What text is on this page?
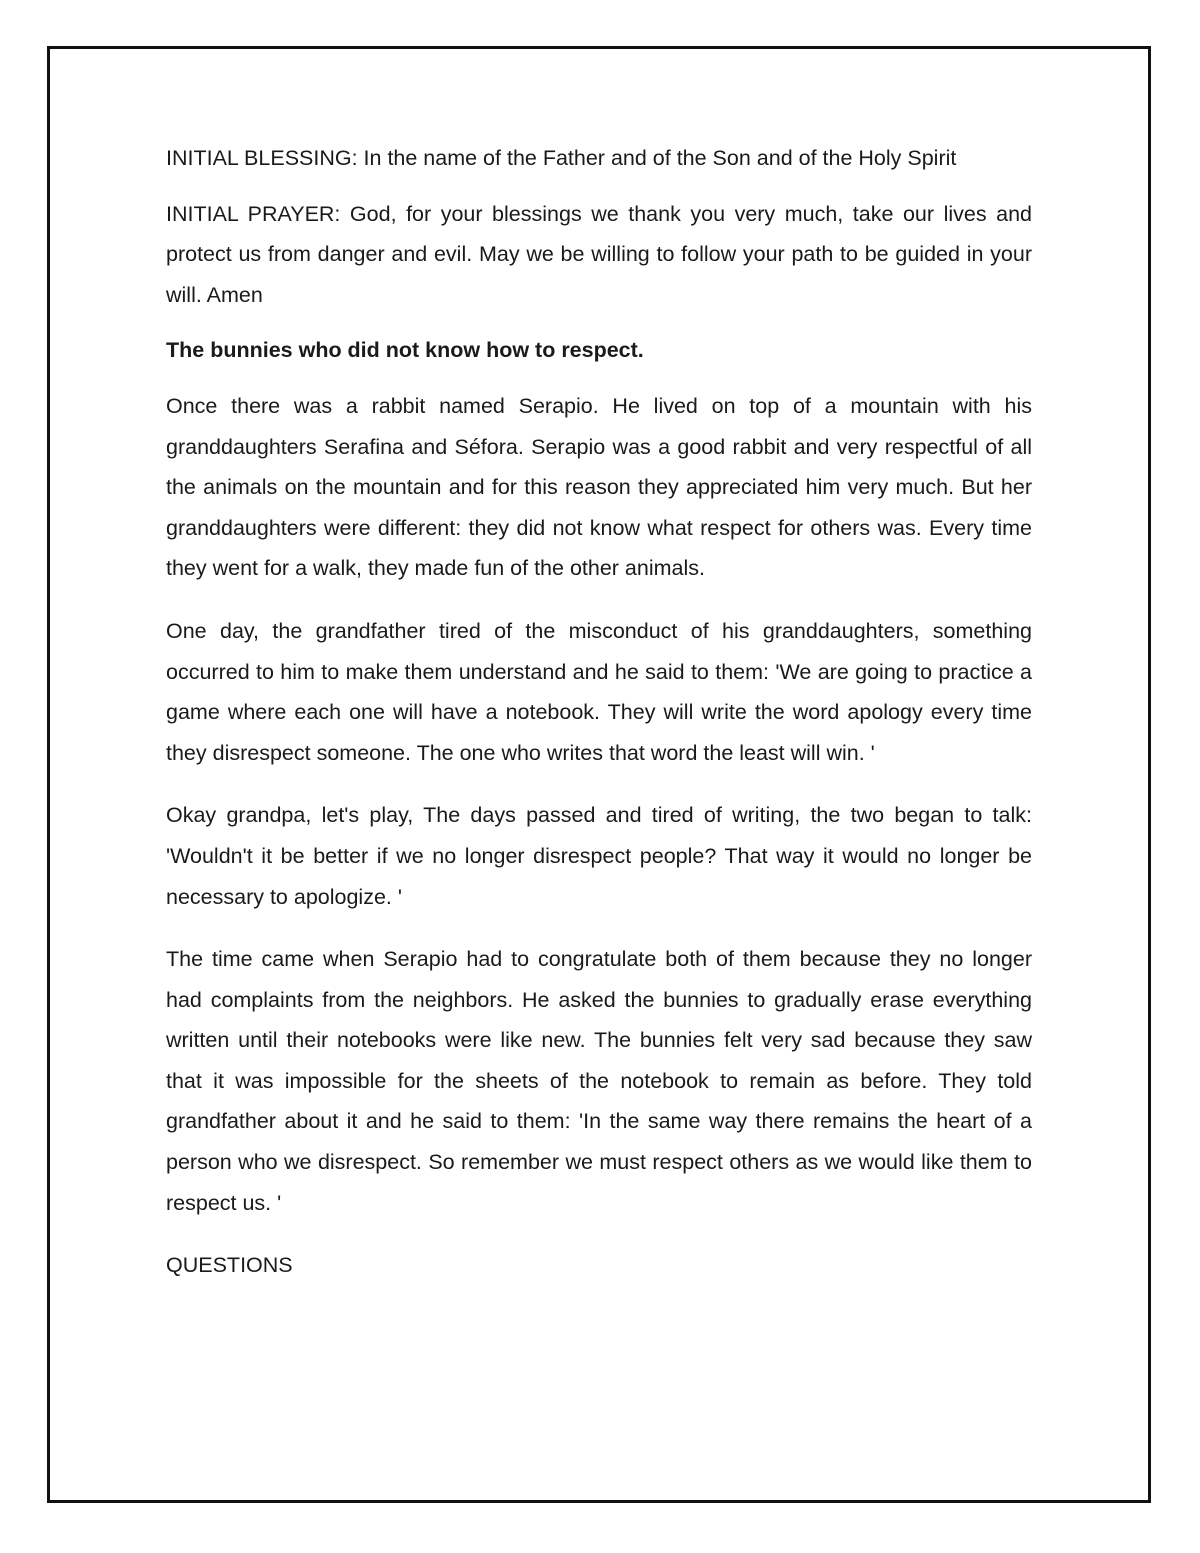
INITIAL BLESSING: In the name of the Father and of the Son and of the Holy Spirit

INITIAL PRAYER: God, for your blessings we thank you very much, take our lives and protect us from danger and evil. May we be willing to follow your path to be guided in your will. Amen

The bunnies who did not know how to respect.

Once there was a rabbit named Serapio. He lived on top of a mountain with his granddaughters Serafina and Séfora. Serapio was a good rabbit and very respectful of all the animals on the mountain and for this reason they appreciated him very much. But her granddaughters were different: they did not know what respect for others was. Every time they went for a walk, they made fun of the other animals.

One day, the grandfather tired of the misconduct of his granddaughters, something occurred to him to make them understand and he said to them: 'We are going to practice a game where each one will have a notebook. They will write the word apology every time they disrespect someone. The one who writes that word the least will win. '

Okay grandpa, let's play, The days passed and tired of writing, the two began to talk: 'Wouldn't it be better if we no longer disrespect people? That way it would no longer be necessary to apologize. '

The time came when Serapio had to congratulate both of them because they no longer had complaints from the neighbors. He asked the bunnies to gradually erase everything written until their notebooks were like new. The bunnies felt very sad because they saw that it was impossible for the sheets of the notebook to remain as before. They told grandfather about it and he said to them: 'In the same way there remains the heart of a person who we disrespect. So remember we must respect others as we would like them to respect us. '

QUESTIONS
